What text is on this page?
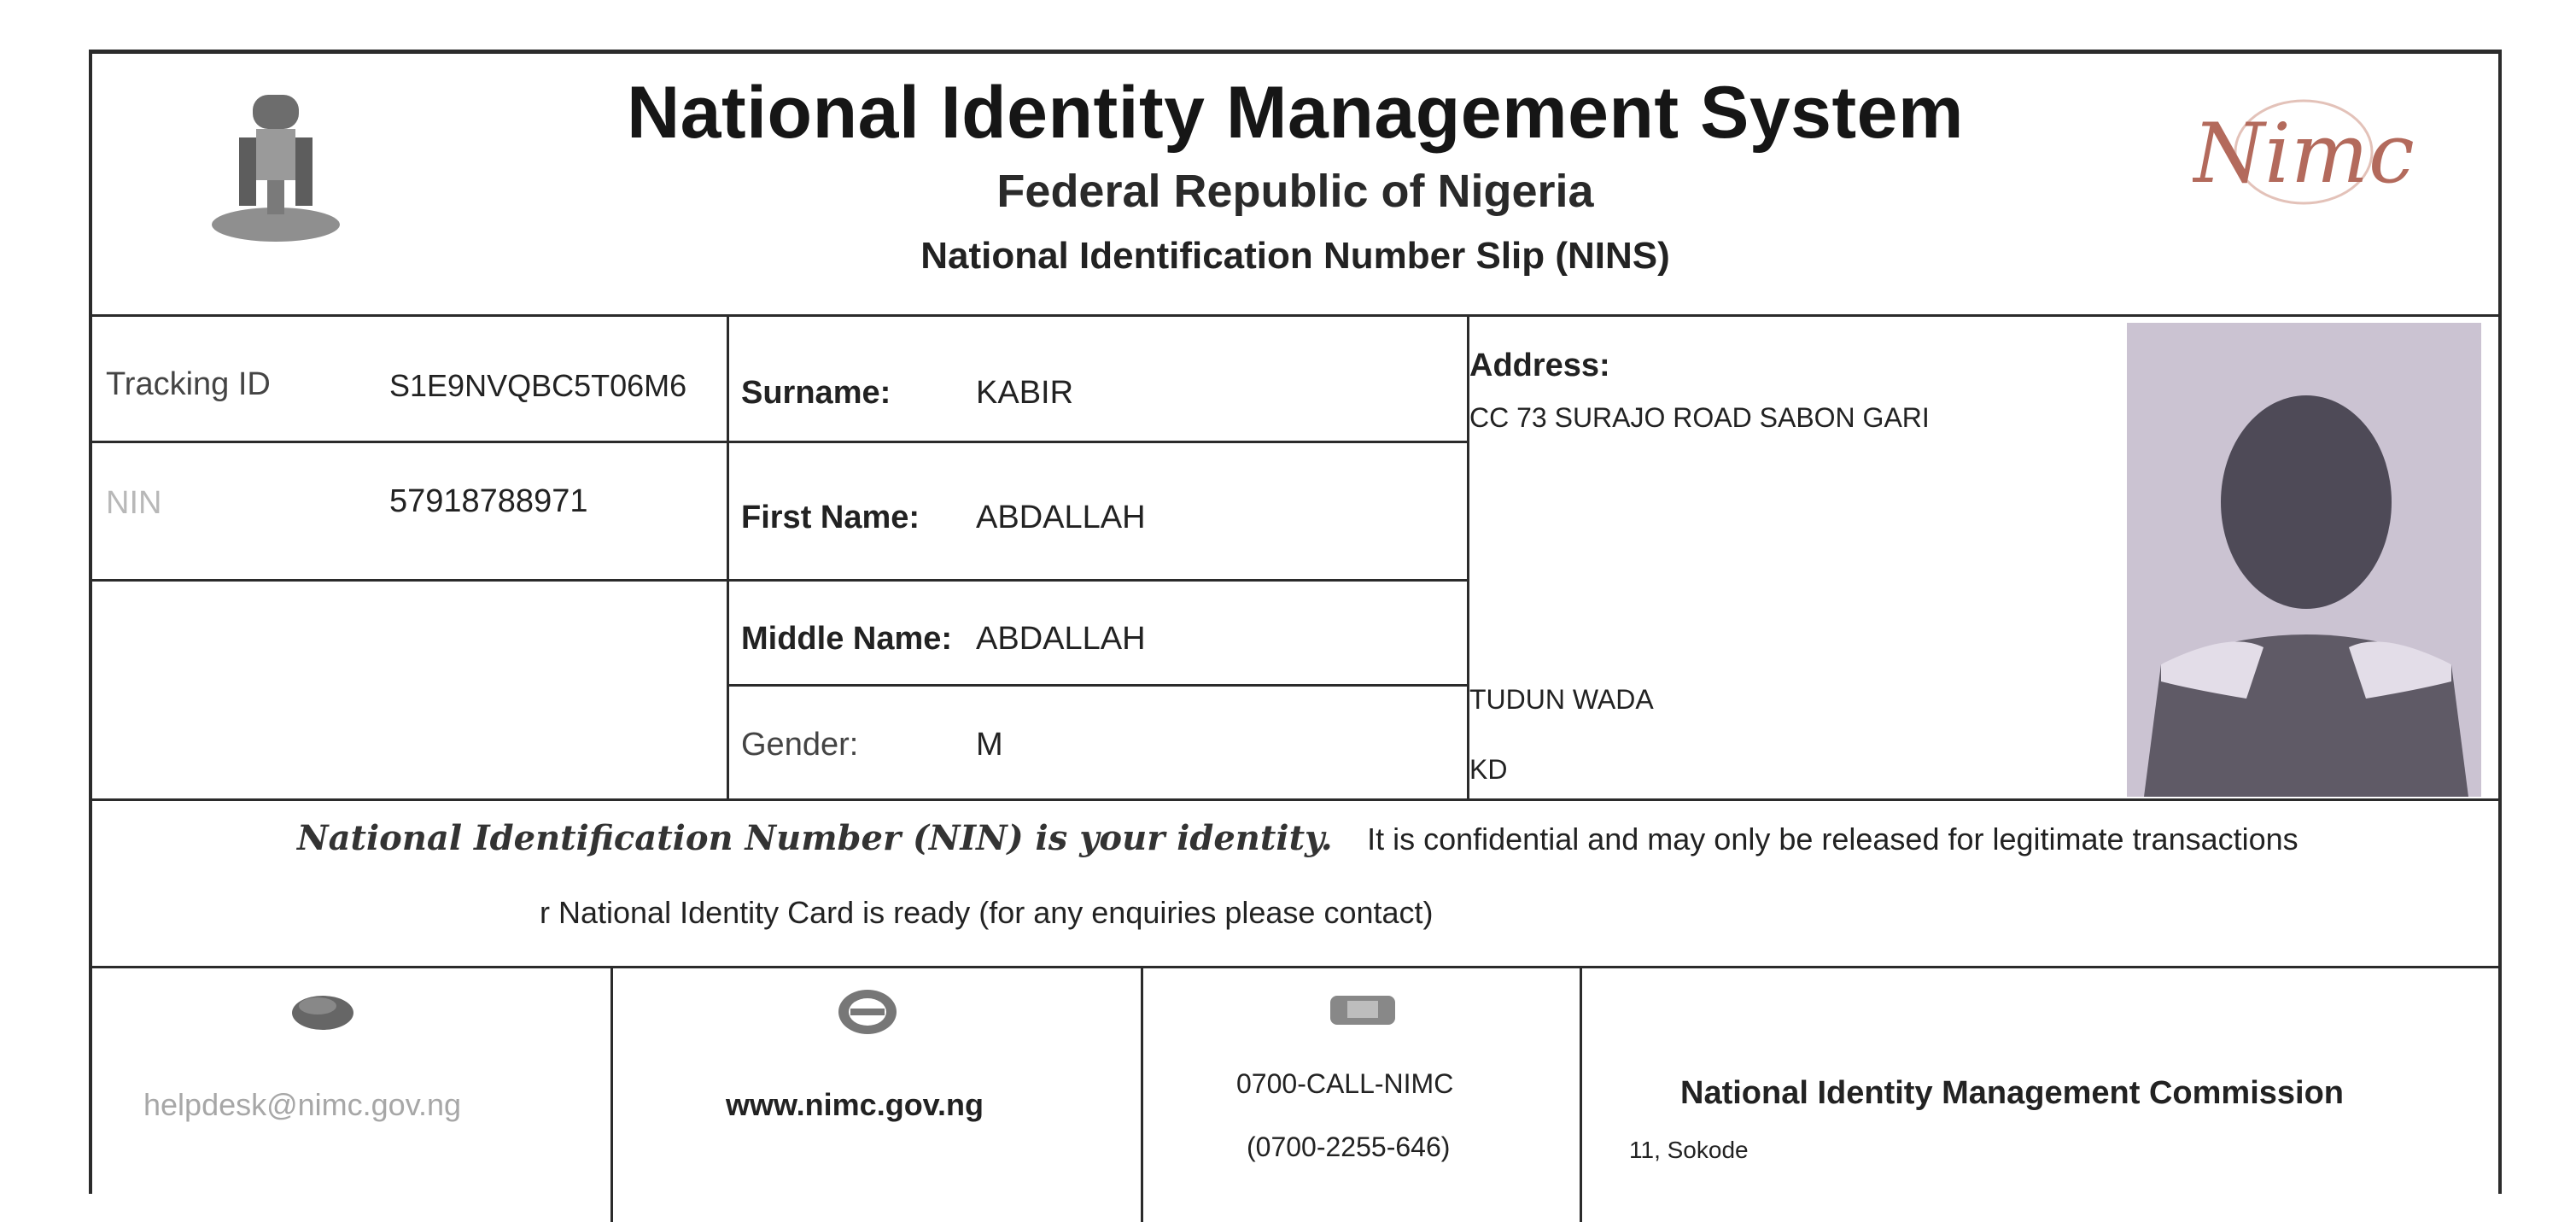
National Identity Management System
Federal Republic of Nigeria
National Identification Number Slip (NINS)
Nimc
Tracking ID	S1E9NVQBC5T06M6
NIN	57918788971
Surname:	KABIR
First Name: ABDALLAH
Middle Name: ABDALLAH
Gender:	M
Address:
CC 73 SURAJO ROAD SABON GARI
TUDUN WADA
KD
National Identification Number (NIN) is your identity. It is confidential and may only be released for legitimate transactions
r National Identity Card is ready (for any enquiries please contact)
helpdesk@nimc.gov.ng	www.nimc.gov.ng
0700-CALL-NIMC
(0700-2255-646)
National Identity Management Commission
11, Sokode
